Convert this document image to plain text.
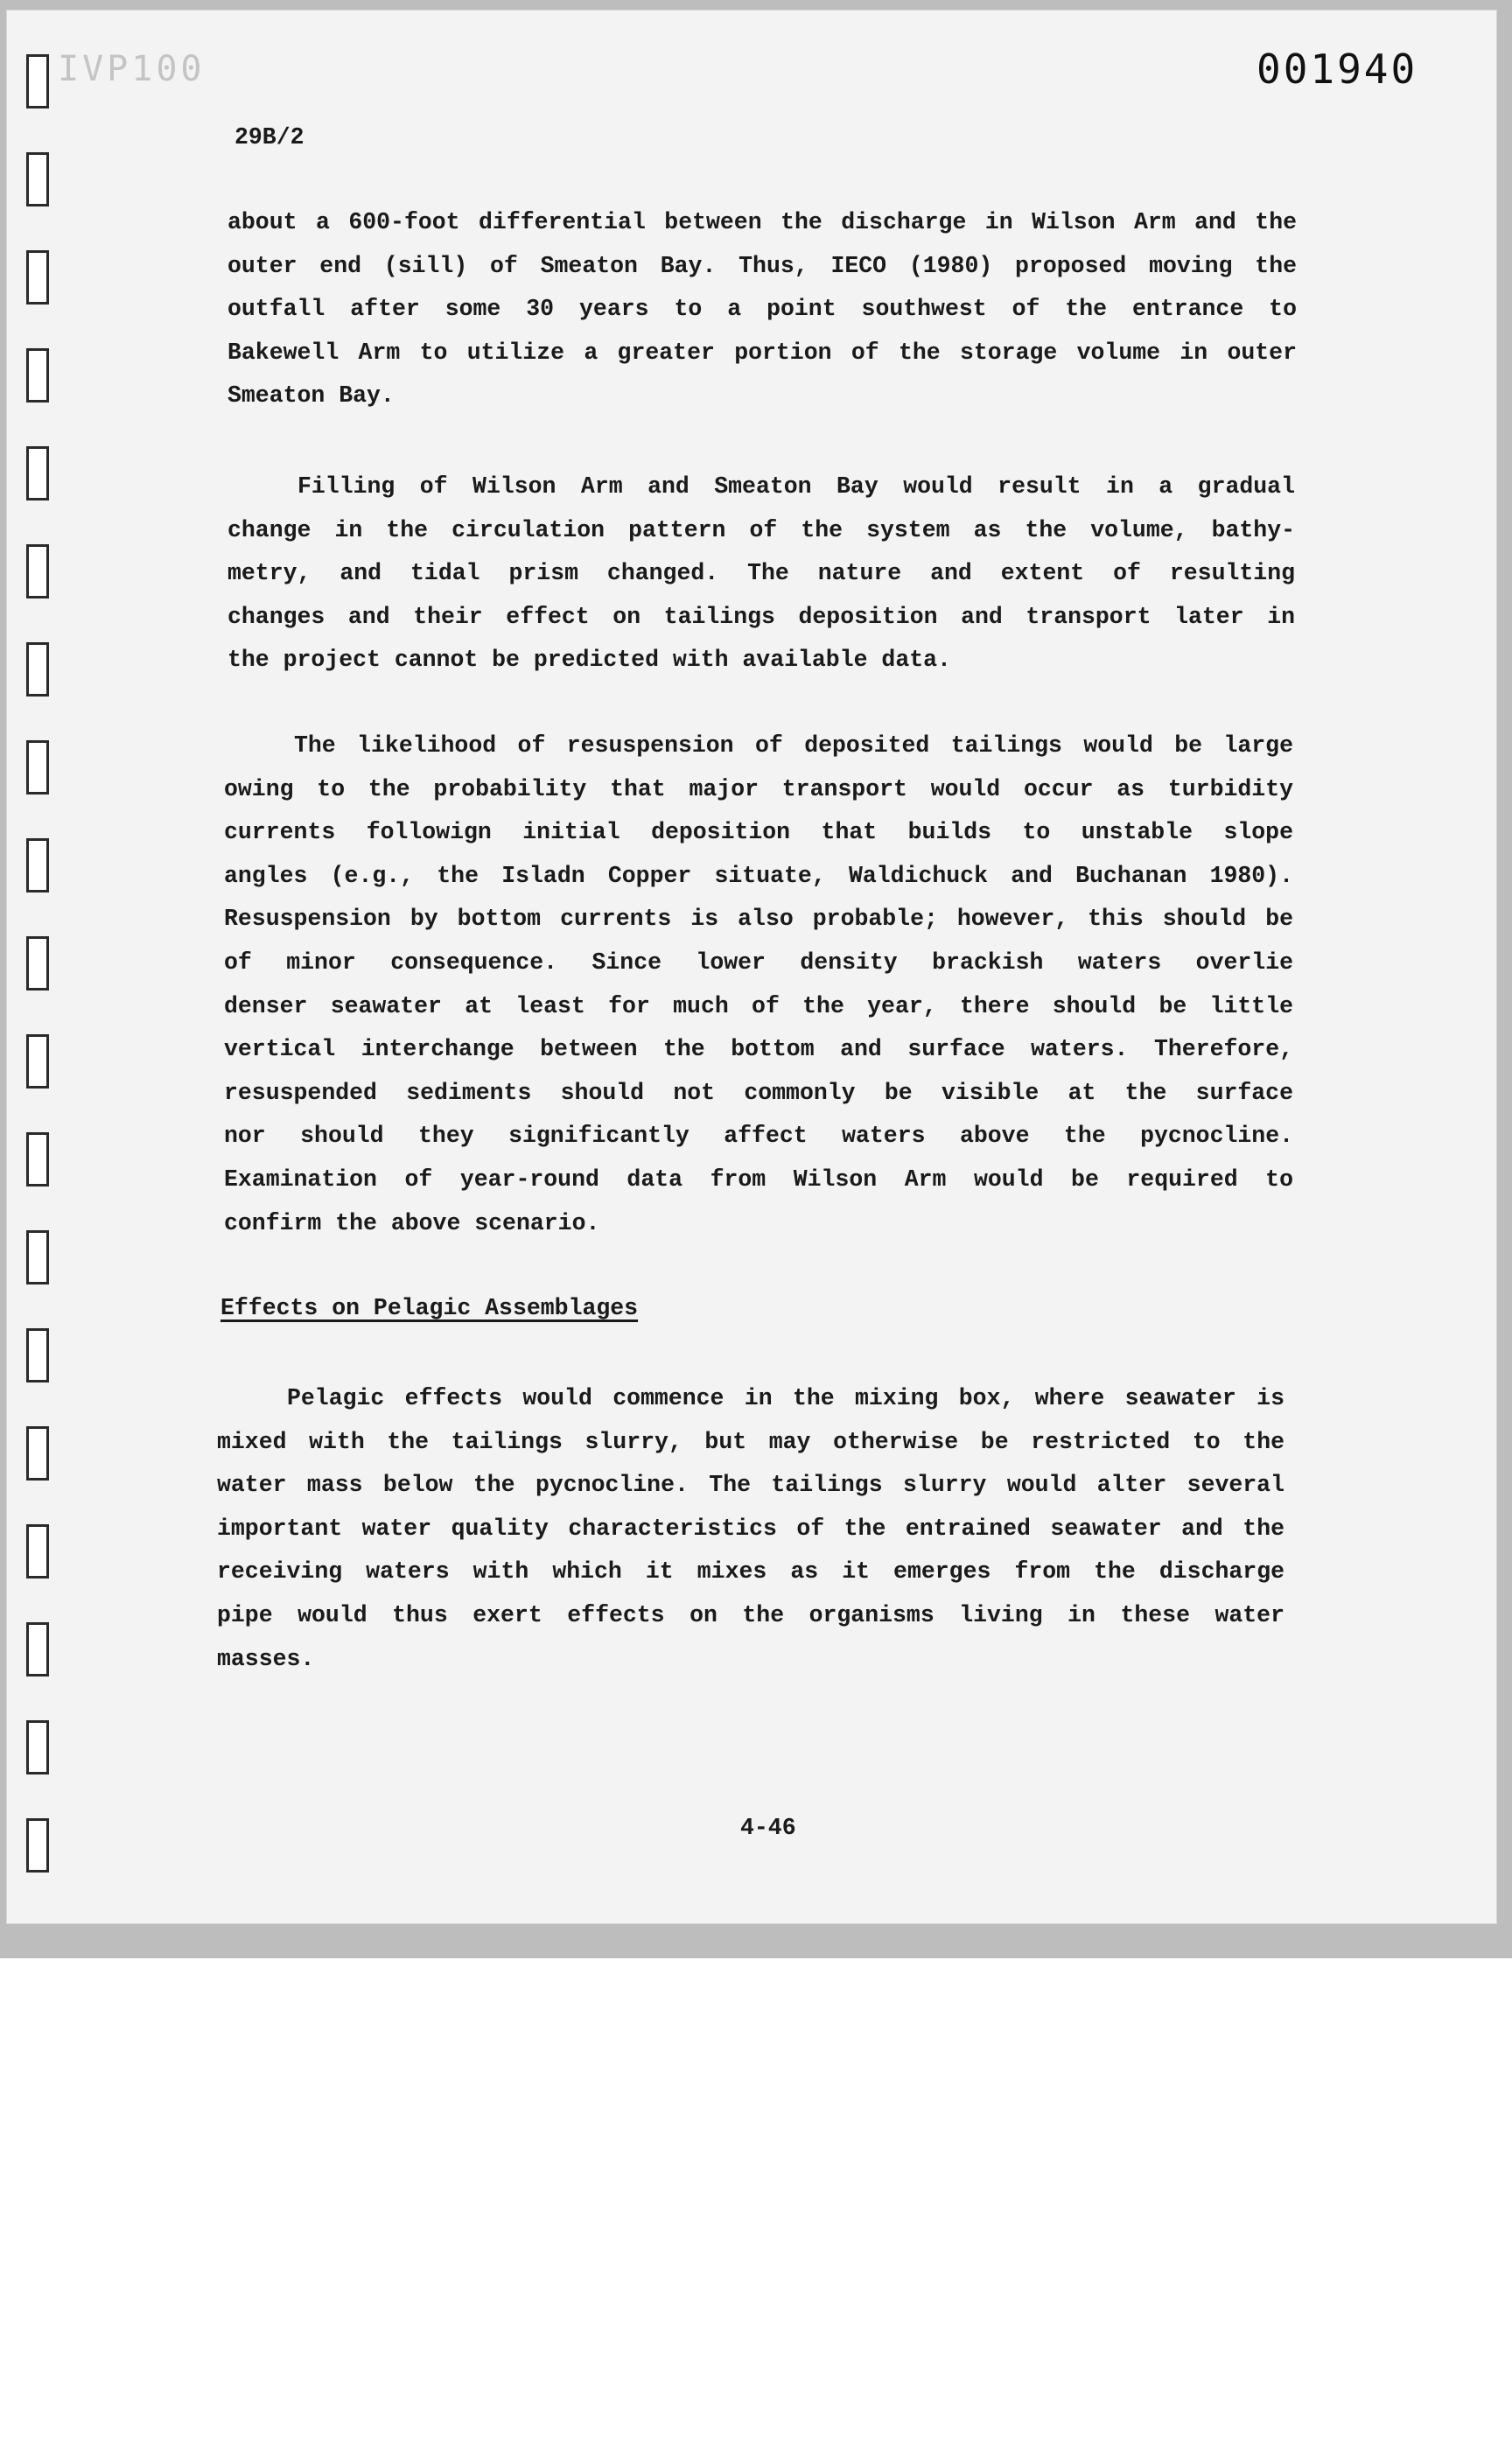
IVP100	001940
29B/2
about a 600-foot differential between the discharge in Wilson Arm and the
outer end (sill) of Smeaton Bay. Thus, IECO (1980) proposed moving the
outfall after some 30 years to a point southwest of the entrance to
Bakewell Arm to utilize a greater portion of the storage volume in outer
Smeaton Bay.
Filling of Wilson Arm and Smeaton Bay would result in a gradual
change in the circulation pattern of the system as the volume, bathy-
metry, and tidal prism changed. The nature and extent of resulting
changes and their effect on tailings deposition and transport later in
the project cannot be predicted with available data.
The likelihood of resuspension of deposited tailings would be large
owing to the probability that major transport would occur as turbidity
currents followign initial deposition that builds to unstable slope
angles (e.g., the Isladn Copper situate, Waldichuck and Buchanan 1980).
Resuspension by bottom currents is also probable; however, this should be
of minor consequence. Since lower density brackish waters overlie
denser seawater at least for much of the year, there should be little
vertical interchange between the bottom and surface waters. Therefore,
resuspended sediments should not commonly be visible at the surface
nor should they significantly affect waters above the pycnocline.
Examination of year-round data from Wilson Arm would be required to
confirm the above scenario.
Effects on Pelagic Assemblages
Pelagic effects would commence in the mixing box, where seawater is
mixed with the tailings slurry, but may otherwise be restricted to the
water mass below the pycnocline. The tailings slurry would alter several
important water quality characteristics of the entrained seawater and the
receiving waters with which it mixes as it emerges from the discharge
pipe would thus exert effects on the organisms living in these water
masses.
4-46
